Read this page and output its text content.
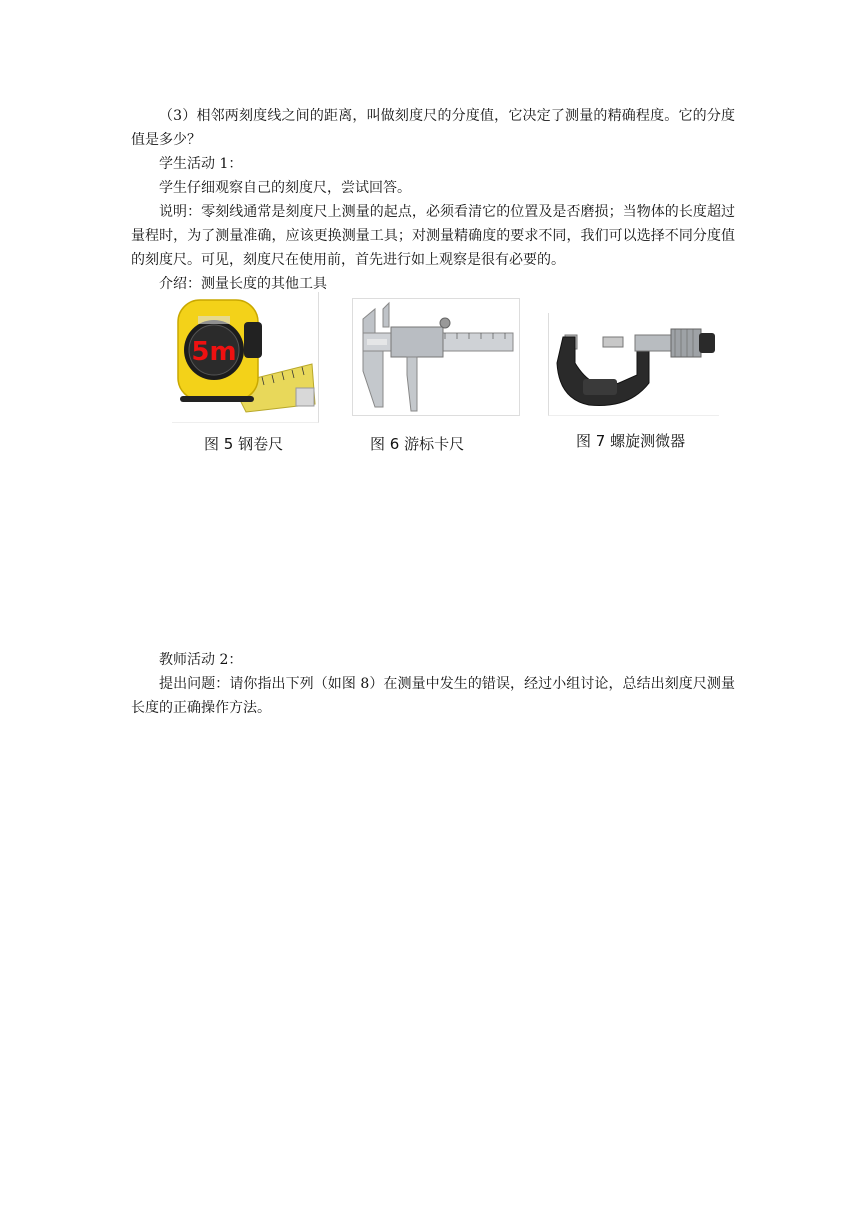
（3）相邻两刻度线之间的距离，叫做刻度尺的分度值，它决定了测量的精确程度。它的分度值是多少？

学生活动 1：

学生仔细观察自己的刻度尺，尝试回答。

说明：零刻线通常是刻度尺上测量的起点，必须看清它的位置及是否磨损；当物体的长度超过量程时，为了测量准确，应该更换测量工具；对测量精确度的要求不同，我们可以选择不同分度值的刻度尺。可见，刻度尺在使用前，首先进行如上观察是很有必要的。

介绍：测量长度的其他工具

5m
图 5 钢卷尺	图 6 游标卡尺	图 7 螺旋测微器

教师活动 2：

提出问题：请你指出下列（如图 8）在测量中发生的错误，经过小组讨论，总结出刻度尺测量长度的正确操作方法。
